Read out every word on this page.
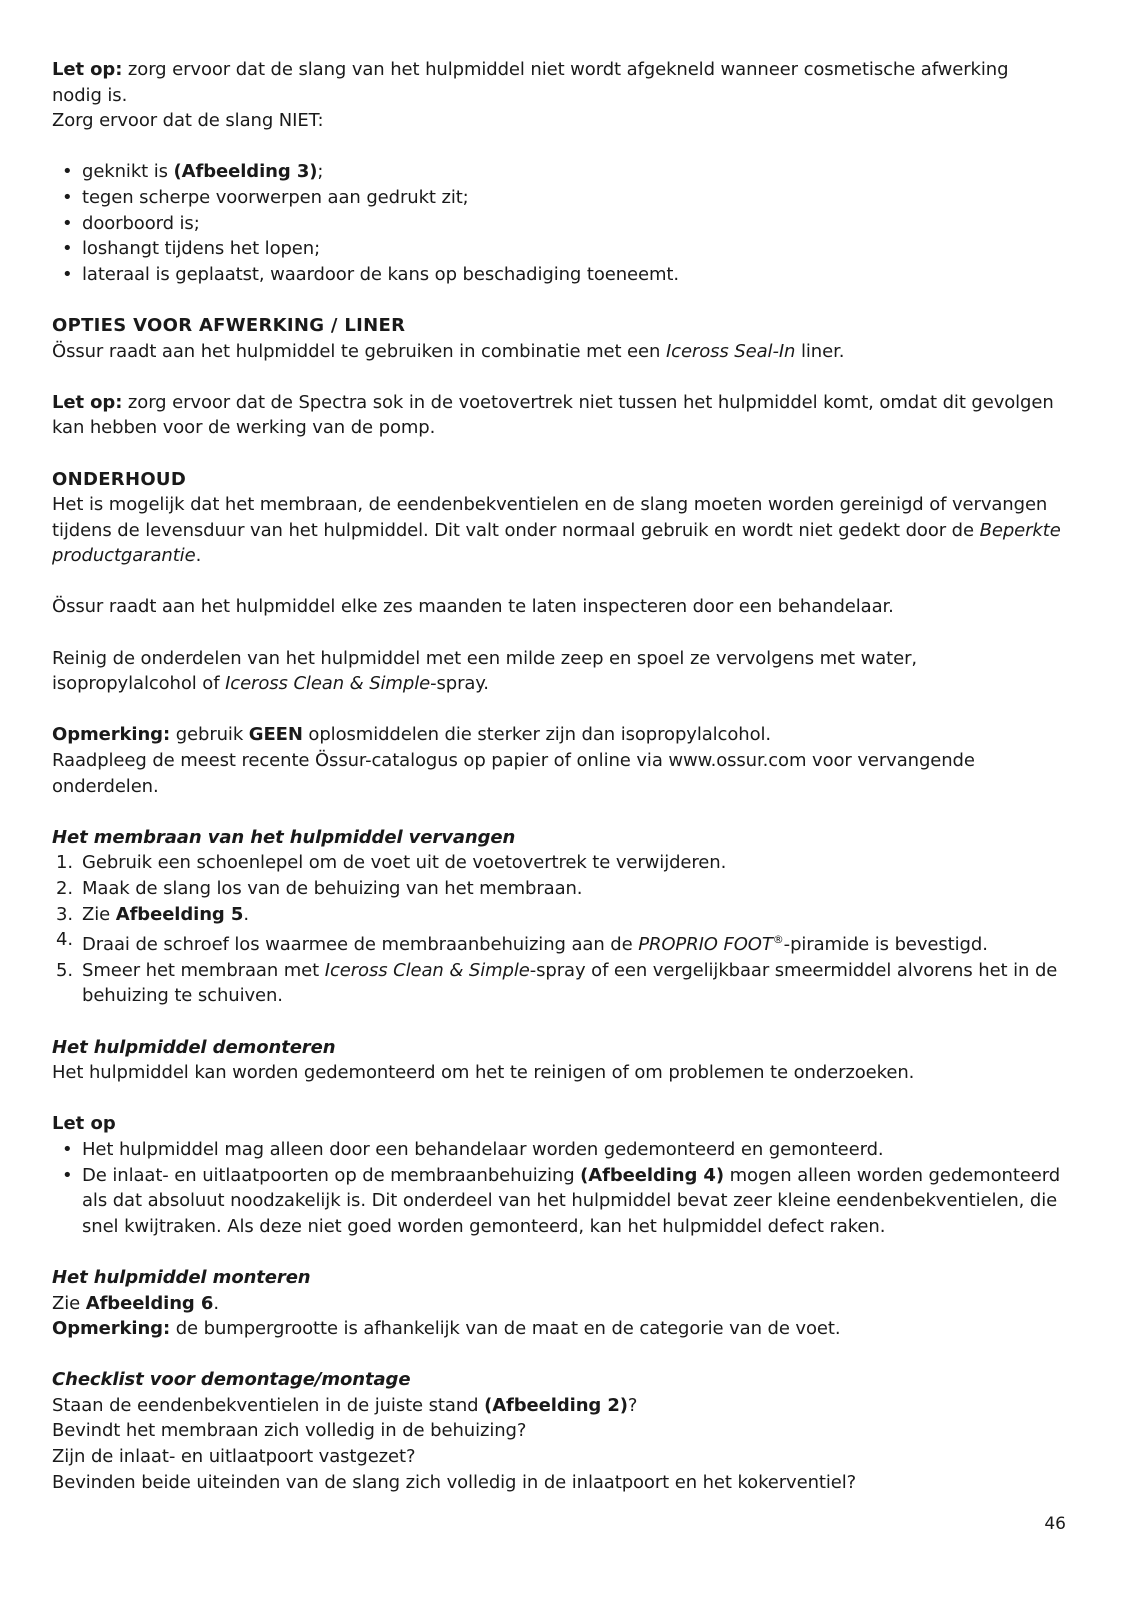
Let op: zorg ervoor dat de slang van het hulpmiddel niet wordt afgekneld wanneer cosmetische afwerking nodig is.
Zorg ervoor dat de slang NIET:

• geknikt is (Afbeelding 3);
• tegen scherpe voorwerpen aan gedrukt zit;
• doorboord is;
• loshangt tijdens het lopen;
• lateraal is geplaatst, waardoor de kans op beschadiging toeneemt.

OPTIES VOOR AFWERKING / LINER

Össur raadt aan het hulpmiddel te gebruiken in combinatie met een Iceross Seal-In liner.

Let op: zorg ervoor dat de Spectra sok in de voetovertrek niet tussen het hulpmiddel komt, omdat dit gevolgen kan hebben voor de werking van de pomp.

ONDERHOUD

Het is mogelijk dat het membraan, de eendenbekventielen en de slang moeten worden gereinigd of vervangen tijdens de levensduur van het hulpmiddel. Dit valt onder normaal gebruik en wordt niet gedekt door de Beperkte productgarantie.

Össur raadt aan het hulpmiddel elke zes maanden te laten inspecteren door een behandelaar.

Reinig de onderdelen van het hulpmiddel met een milde zeep en spoel ze vervolgens met water, isopropylalcohol of Iceross Clean & Simple-spray.

Opmerking: gebruik GEEN oplosmiddelen die sterker zijn dan isopropylalcohol.

Raadpleeg de meest recente Össur-catalogus op papier of online via www.ossur.com voor vervangende onderdelen.

Het membraan van het hulpmiddel vervangen

1. Gebruik een schoenlepel om de voet uit de voetovertrek te verwijderen.
2. Maak de slang los van de behuizing van het membraan.
3. Zie Afbeelding 5.
4. Draai de schroef los waarmee de membraanbehuizing aan de PROPRIO FOOT®-piramide is bevestigd.
5. Smeer het membraan met Iceross Clean & Simple-spray of een vergelijkbaar smeermiddel alvorens het in de behuizing te schuiven.

Het hulpmiddel demonteren

Het hulpmiddel kan worden gedemonteerd om het te reinigen of om problemen te onderzoeken.

Let op

• Het hulpmiddel mag alleen door een behandelaar worden gedemonteerd en gemonteerd.
• De inlaat- en uitlaatpoorten op de membraanbehuizing (Afbeelding 4) mogen alleen worden gedemonteerd als dat absoluut noodzakelijk is. Dit onderdeel van het hulpmiddel bevat zeer kleine eendenbekventielen, die snel kwijtraken. Als deze niet goed worden gemonteerd, kan het hulpmiddel defect raken.

Het hulpmiddel monteren

Zie Afbeelding 6.

Opmerking: de bumpergrootte is afhankelijk van de maat en de categorie van de voet.

Checklist voor demontage/montage

Staan de eendenbekventielen in de juiste stand (Afbeelding 2)?

Bevindt het membraan zich volledig in de behuizing?

Zijn de inlaat- en uitlaatpoort vastgezet?

Bevinden beide uiteinden van de slang zich volledig in de inlaatpoort en het kokerventiel?

46
